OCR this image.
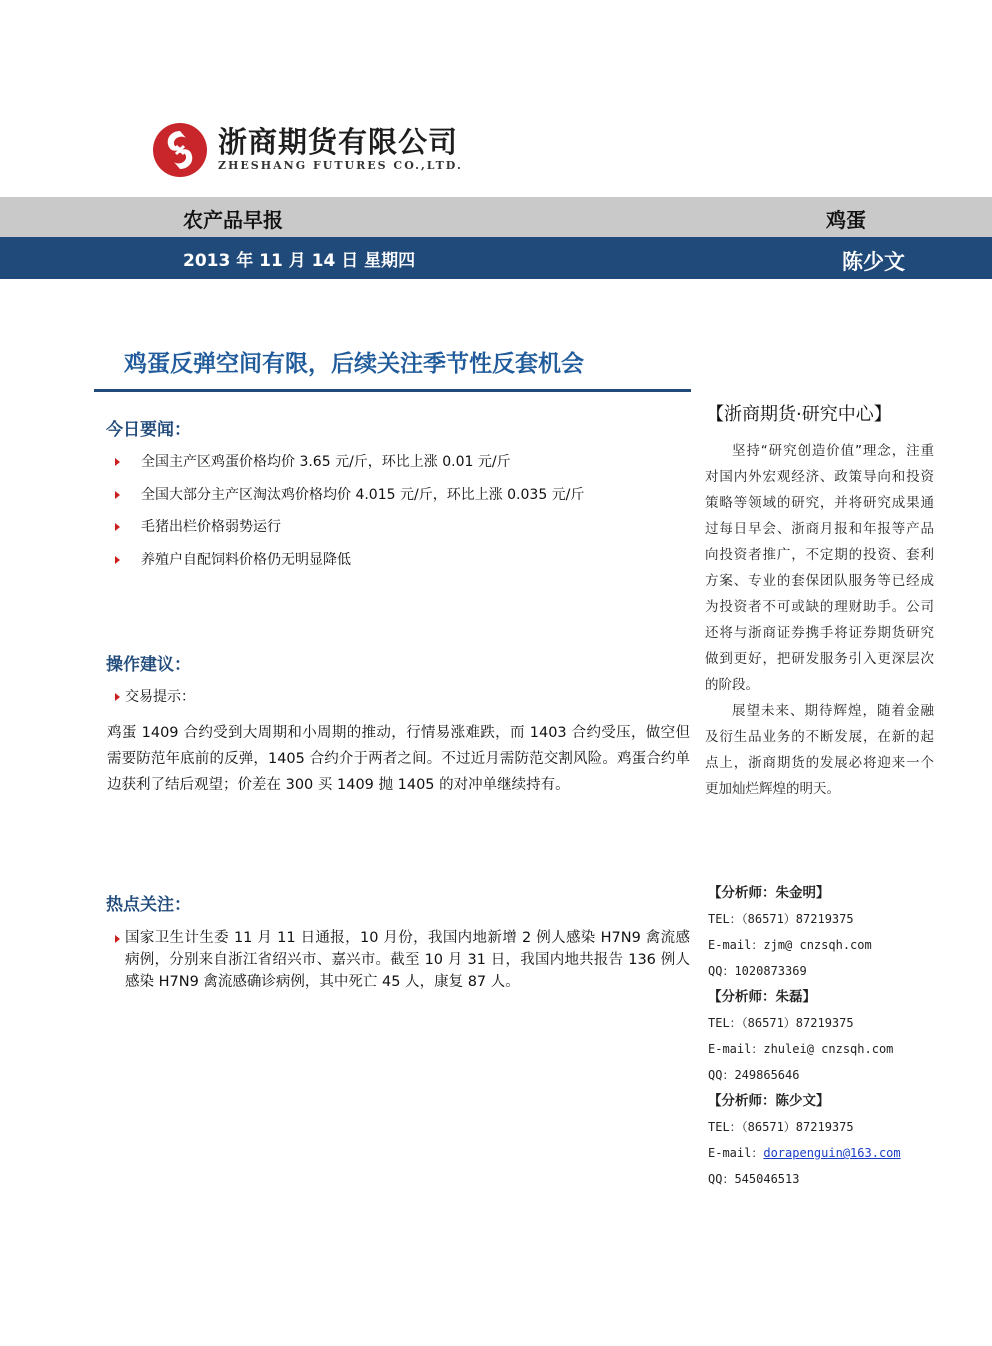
浙商期货有限公司
ZHESHANG FUTURES CO.,LTD.
农产品早报	鸡蛋
2013 年 11 月 14 日 星期四	陈少文
鸡蛋反弹空间有限，后续关注季节性反套机会
今日要闻：
全国主产区鸡蛋价格均价 3.65 元/斤，环比上涨 0.01 元/斤
全国大部分主产区淘汰鸡价格均价 4.015 元/斤，环比上涨 0.035 元/斤
毛猪出栏价格弱势运行
养殖户自配饲料价格仍无明显降低
操作建议：
交易提示：
鸡蛋 1409 合约受到大周期和小周期的推动，行情易涨难跌，而 1403 合约受压，做空但需要防范年底前的反弹，1405 合约介于两者之间。不过近月需防范交割风险。鸡蛋合约单边获利了结后观望；价差在 300 买 1409 抛 1405 的对冲单继续持有。
热点关注：
国家卫生计生委 11 月 11 日通报，10 月份，我国内地新增 2 例人感染 H7N9 禽流感病例，分别来自浙江省绍兴市、嘉兴市。截至 10 月 31 日，我国内地共报告 136 例人感染 H7N9 禽流感确诊病例，其中死亡 45 人，康复 87 人。
【浙商期货·研究中心】

坚持“研究创造价值”理念，注重对国内外宏观经济、政策导向和投资策略等领域的研究，并将研究成果通过每日早会、浙商月报和年报等产品向投资者推广，不定期的投资、套利方案、专业的套保团队服务等已经成为投资者不可或缺的理财助手。公司还将与浙商证券携手将证券期货研究做到更好，把研发服务引入更深层次的阶段。

展望未来、期待辉煌，随着金融及衍生品业务的不断发展，在新的起点上，浙商期货的发展必将迎来一个更加灿烂辉煌的明天。

【分析师：朱金明】
TEL：（86571）87219375
E-mail：zjm@ cnzsqh.com
QQ：1020873369
【分析师：朱磊】
TEL：（86571）87219375
E-mail：zhulei@ cnzsqh.com
QQ：249865646
【分析师：陈少文】
TEL：（86571）87219375
E-mail：dorapenguin@163.com
QQ：545046513
